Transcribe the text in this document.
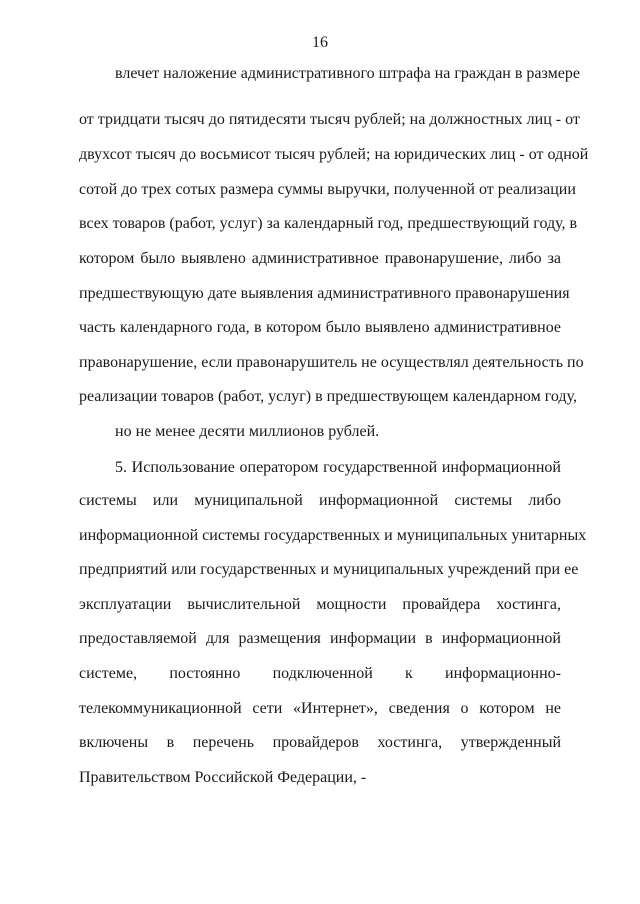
16
влечет наложение административного штрафа на граждан в размере
от тридцати тысяч до пятидесяти тысяч рублей; на должностных лиц - от
двухсот тысяч до восьмисот тысяч рублей; на юридических лиц - от одной
сотой до трех сотых размера суммы выручки, полученной от реализации
всех товаров (работ, услуг) за календарный год, предшествующий году, в
котором было выявлено административное правонарушение, либо за
предшествующую дате выявления административного правонарушения
часть календарного года, в котором было выявлено административное
правонарушение, если правонарушитель не осуществлял деятельность по
реализации товаров (работ, услуг) в предшествующем календарном году,
но не менее десяти миллионов рублей.
5. Использование оператором государственной информационной
системы или муниципальной информационной системы либо
информационной системы государственных и муниципальных унитарных
предприятий или государственных и муниципальных учреждений при ее
эксплуатации вычислительной мощности провайдера хостинга,
предоставляемой для размещения информации в информационной
системе, постоянно подключенной к информационно-
телекоммуникационной сети «Интернет», сведения о котором не
включены в перечень провайдеров хостинга, утвержденный
Правительством Российской Федерации, -
